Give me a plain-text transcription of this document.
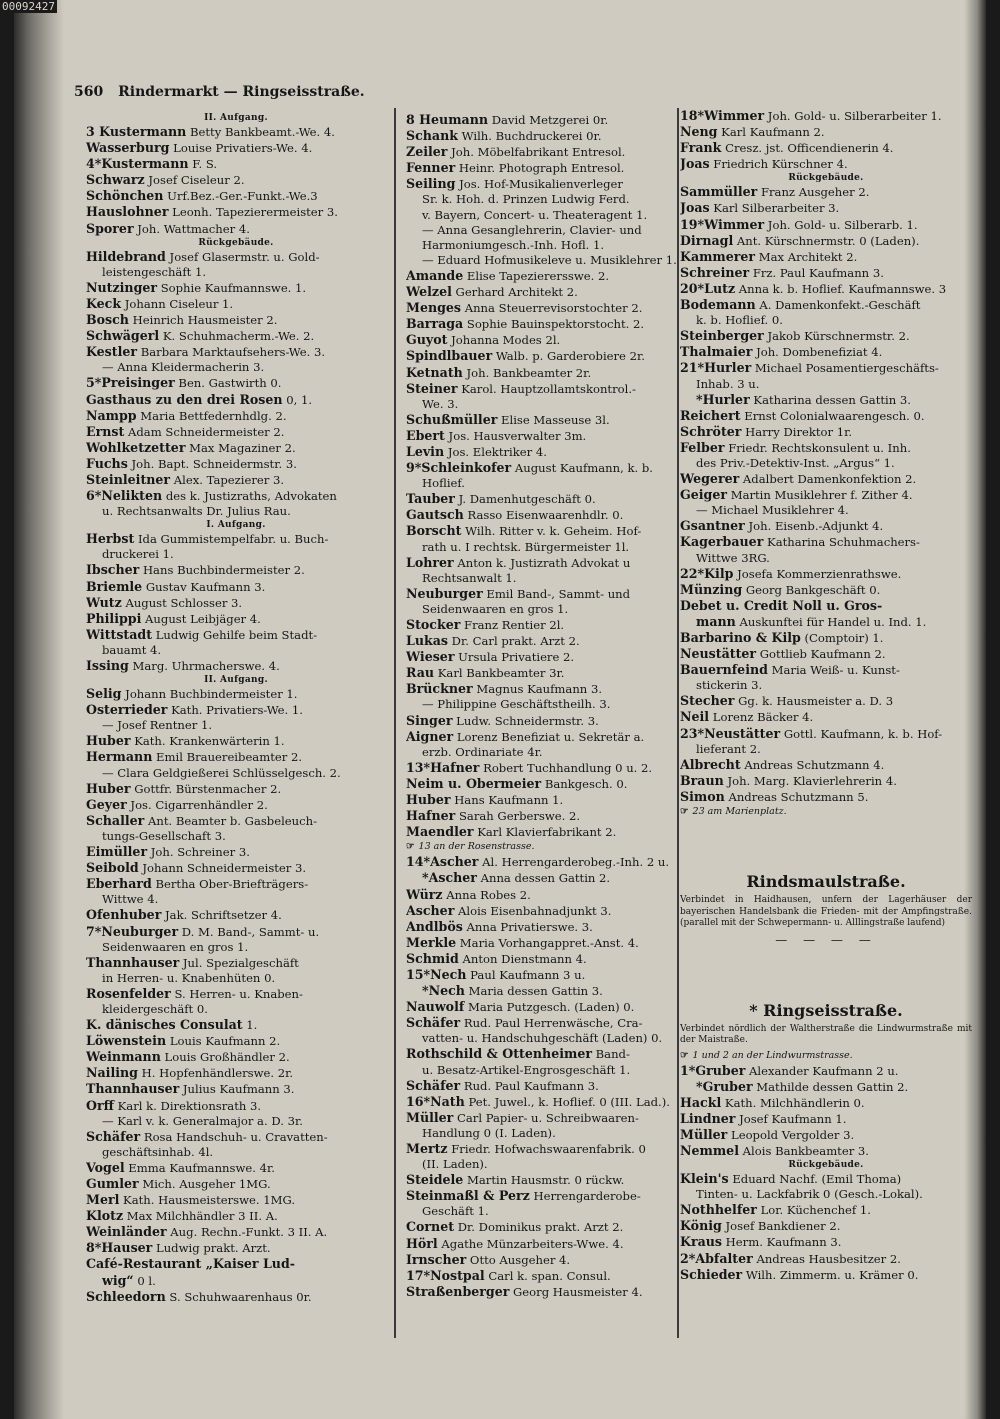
560 Rindermarkt — Ringseisstraße.
II. Aufgang.
3 Kustermann Betty Bankbeamt.-We. 4.
Wasserburg Louise Privatiers-We. 4.
4*Kustermann F. S.
Schwarz Josef Ciseleur 2.
Schönchen Urf.Bez.-Ger.-Funkt.-We.3
Hauslohner Leonh. Tapezierermeister 3.
Sporer Joh. Wattmacher 4.
Rückgebäude.
Hildebrand Josef Glasermstr. u. Gold-
leistengeschäft 1.
Nutzinger Sophie Kaufmannswe. 1.
Keck Johann Ciseleur 1.
Bosch Heinrich Hausmeister 2.
Schwägerl K. Schuhmacherm.-We. 2.
Kestler Barbara Marktaufsehers-We. 3.
— Anna Kleidermacherin 3.
5*Preisinger Ben. Gastwirth 0.
Gasthaus zu den drei Rosen 0, 1.
Nampp Maria Bettfedernhdlg. 2.
Ernst Adam Schneidermeister 2.
Wohlketzetter Max Magaziner 2.
Fuchs Joh. Bapt. Schneidermstr. 3.
Steinleitner Alex. Tapezierer 3.
6*Nelikten des k. Justizraths, Advokaten
u. Rechtsanwalts Dr. Julius Rau.
I. Aufgang.
Herbst Ida Gummistempelfabr. u. Buch-
druckerei 1.
Ibscher Hans Buchbindermeister 2.
Briemle Gustav Kaufmann 3.
Wutz August Schlosser 3.
Philippi August Leibjäger 4.
Wittstadt Ludwig Gehilfe beim Stadt-
bauamt 4.
Issing Marg. Uhrmacherswe. 4.
II. Aufgang.
Selig Johann Buchbindermeister 1.
Osterrieder Kath. Privatiers-We. 1.
— Josef Rentner 1.
Huber Kath. Krankenwärterin 1.
Hermann Emil Brauereibeamter 2.
— Clara Geldgießerei Schlüsselgesch. 2.
Huber Gottfr. Bürstenmacher 2.
Geyer Jos. Cigarrenhändler 2.
Schaller Ant. Beamter b. Gasbeleuch-
tungs-Gesellschaft 3.
Eimüller Joh. Schreiner 3.
Seibold Johann Schneidermeister 3.
Eberhard Bertha Ober-Briefträgers-
Wittwe 4.
Ofenhuber Jak. Schriftsetzer 4.
7*Neuburger D. M. Band-, Sammt- u.
Seidenwaaren en gros 1.
Thannhauser Jul. Spezialgeschäft
in Herren- u. Knabenhüten 0.
Rosenfelder S. Herren- u. Knaben-
kleidergeschäft 0.
K. dänisches Consulat 1.
Löwenstein Louis Kaufmann 2.
Weinmann Louis Großhändler 2.
Nailing H. Hopfenhändlerswe. 2r.
Thannhauser Julius Kaufmann 3.
Orff Karl k. Direktionsrath 3.
— Karl v. k. Generalmajor a. D. 3r.
Schäfer Rosa Handschuh- u. Cravatten-
geschäftsinhab. 4l.
Vogel Emma Kaufmannswe. 4r.
Gumler Mich. Ausgeher 1MG.
Merl Kath. Hausmeisterswe. 1MG.
Klotz Max Milchhändler 3 II. A.
Weinländer Aug. Rechn.-Funkt. 3 II. A.
8*Hauser Ludwig prakt. Arzt.
Café-Restaurant „Kaiser Lud-
wig“ 0 l.
Schleedorn S. Schuhwaarenhaus 0r.
8 Heumann David Metzgerei 0r.
Schank Wilh. Buchdruckerei 0r.
Zeiler Joh. Möbelfabrikant Entresol.
Fenner Heinr. Photograph Entresol.
Seiling Jos. Hof-Musikalienverleger
Sr. k. Hoh. d. Prinzen Ludwig Ferd.
v. Bayern, Concert- u. Theateragent 1.
— Anna Gesanglehrerin, Clavier- und
Harmoniumgesch.-Inh. Hofl. 1.
— Eduard Hofmusikeleve u. Musiklehrer 1.
Amande Elise Tapezierersswe. 2.
Welzel Gerhard Architekt 2.
Menges Anna Steuerrevisorstochter 2.
Barraga Sophie Bauinspektorstocht. 2.
Guyot Johanna Modes 2l.
Spindlbauer Walb. p. Garderobiere 2r.
Ketnath Joh. Bankbeamter 2r.
Steiner Karol. Hauptzollamtskontrol.-
We. 3.
Schußmüller Elise Masseuse 3l.
Ebert Jos. Hausverwalter 3m.
Levin Jos. Elektriker 4.
9*Schleinkofer August Kaufmann, k. b.
Hoflief.
Tauber J. Damenhutgeschäft 0.
Gautsch Rasso Eisenwaarenhdlr. 0.
Borscht Wilh. Ritter v. k. Geheim. Hof-
rath u. I rechtsk. Bürgermeister 1l.
Lohrer Anton k. Justizrath Advokat u
Rechtsanwalt 1.
Neuburger Emil Band-, Sammt- und
Seidenwaaren en gros 1.
Stocker Franz Rentier 2l.
Lukas Dr. Carl prakt. Arzt 2.
Wieser Ursula Privatiere 2.
Rau Karl Bankbeamter 3r.
Brückner Magnus Kaufmann 3.
— Philippine Geschäftstheilh. 3.
Singer Ludw. Schneidermstr. 3.
Aigner Lorenz Benefiziat u. Sekretär a.
erzb. Ordinariate 4r.
13*Hafner Robert Tuchhandlung 0 u. 2.
Neim u. Obermeier Bankgesch. 0.
Huber Hans Kaufmann 1.
Hafner Sarah Gerberswe. 2.
Maendler Karl Klavierfabrikant 2.
☞ 13 an der Rosenstrasse.
14*Ascher Al. Herrengarderobeg.-Inh. 2 u.
*Ascher Anna dessen Gattin 2.
Würz Anna Robes 2.
Ascher Alois Eisenbahnadjunkt 3.
Andlbös Anna Privatierswe. 3.
Merkle Maria Vorhangappret.-Anst. 4.
Schmid Anton Dienstmann 4.
15*Nech Paul Kaufmann 3 u.
*Nech Maria dessen Gattin 3.
Nauwolf Maria Putzgesch. (Laden) 0.
Schäfer Rud. Paul Herrenwäsche, Cra-
vatten- u. Handschuhgeschäft (Laden) 0.
Rothschild & Ottenheimer Band-
u. Besatz-Artikel-Engrosgeschäft 1.
Schäfer Rud. Paul Kaufmann 3.
16*Nath Pet. Juwel., k. Hoflief. 0 (III. Lad.).
Müller Carl Papier- u. Schreibwaaren-
Handlung 0 (I. Laden).
Mertz Friedr. Hofwachswaarenfabrik. 0
(II. Laden).
Steidele Martin Hausmstr. 0 rückw.
Steinmaßl & Perz Herrengarderobe-
Geschäft 1.
Cornet Dr. Dominikus prakt. Arzt 2.
Hörl Agathe Münzarbeiters-Wwe. 4.
Irnscher Otto Ausgeher 4.
17*Nostpal Carl k. span. Consul.
Straßenberger Georg Hausmeister 4.
18*Wimmer Joh. Gold- u. Silberarbeiter 1.
Neng Karl Kaufmann 2.
Frank Cresz. jst. Officendienerin 4.
Joas Friedrich Kürschner 4.
Rückgebäude.
Sammüller Franz Ausgeher 2.
Joas Karl Silberarbeiter 3.
19*Wimmer Joh. Gold- u. Silberarb. 1.
Dirnagl Ant. Kürschnermstr. 0 (Laden).
Kammerer Max Architekt 2.
Schreiner Frz. Paul Kaufmann 3.
20*Lutz Anna k. b. Hoflief. Kaufmannswe. 3
Bodemann A. Damenkonfekt.-Geschäft
k. b. Hoflief. 0.
Steinberger Jakob Kürschnermstr. 2.
Thalmaier Joh. Dombenefiziat 4.
21*Hurler Michael Posamentiergeschäfts-
Inhab. 3 u.
*Hurler Katharina dessen Gattin 3.
Reichert Ernst Colonialwaarengesch. 0.
Schröter Harry Direktor 1r.
Felber Friedr. Rechtskonsulent u. Inh.
des Priv.-Detektiv-Inst. „Argus“ 1.
Wegerer Adalbert Damenkonfektion 2.
Geiger Martin Musiklehrer f. Zither 4.
— Michael Musiklehrer 4.
Gsantner Joh. Eisenb.-Adjunkt 4.
Kagerbauer Katharina Schuhmachers-
Wittwe 3RG.
22*Kilp Josefa Kommerzienrathswe.
Münzing Georg Bankgeschäft 0.
Debet u. Credit Noll u. Gros-
mann Auskunftei für Handel u. Ind. 1.
Barbarino & Kilp (Comptoir) 1.
Neustätter Gottlieb Kaufmann 2.
Bauernfeind Maria Weiß- u. Kunst-
stickerin 3.
Stecher Gg. k. Hausmeister a. D. 3
Neil Lorenz Bäcker 4.
23*Neustätter Gottl. Kaufmann, k. b. Hof-
lieferant 2.
Albrecht Andreas Schutzmann 4.
Braun Joh. Marg. Klavierlehrerin 4.
Simon Andreas Schutzmann 5.
☞ 23 am Marienplatz.
Rindsmaulstraße.
Verbindet in Haidhausen, unfern der Lagerhäuser der bayerischen Handelsbank die Frieden- mit der Ampfingstraße. (parallel mit der Schwepermann- u. Alllingstraße laufend)
— — — —
* Ringseisstraße.
Verbindet nördlich der Waltherstraße die Lindwurmstraße mit der Maistraße.
☞ 1 und 2 an der Lindwurmstrasse.
1*Gruber Alexander Kaufmann 2 u.
*Gruber Mathilde dessen Gattin 2.
Hackl Kath. Milchhändlerin 0.
Lindner Josef Kaufmann 1.
Müller Leopold Vergolder 3.
Nemmel Alois Bankbeamter 3.
Rückgebäude.
Klein's Eduard Nachf. (Emil Thoma)
Tinten- u. Lackfabrik 0 (Gesch.-Lokal).
Nothhelfer Lor. Küchenchef 1.
König Josef Bankdiener 2.
Kraus Herm. Kaufmann 3.
2*Abfalter Andreas Hausbesitzer 2.
Schieder Wilh. Zimmerm. u. Krämer 0.
00092427
